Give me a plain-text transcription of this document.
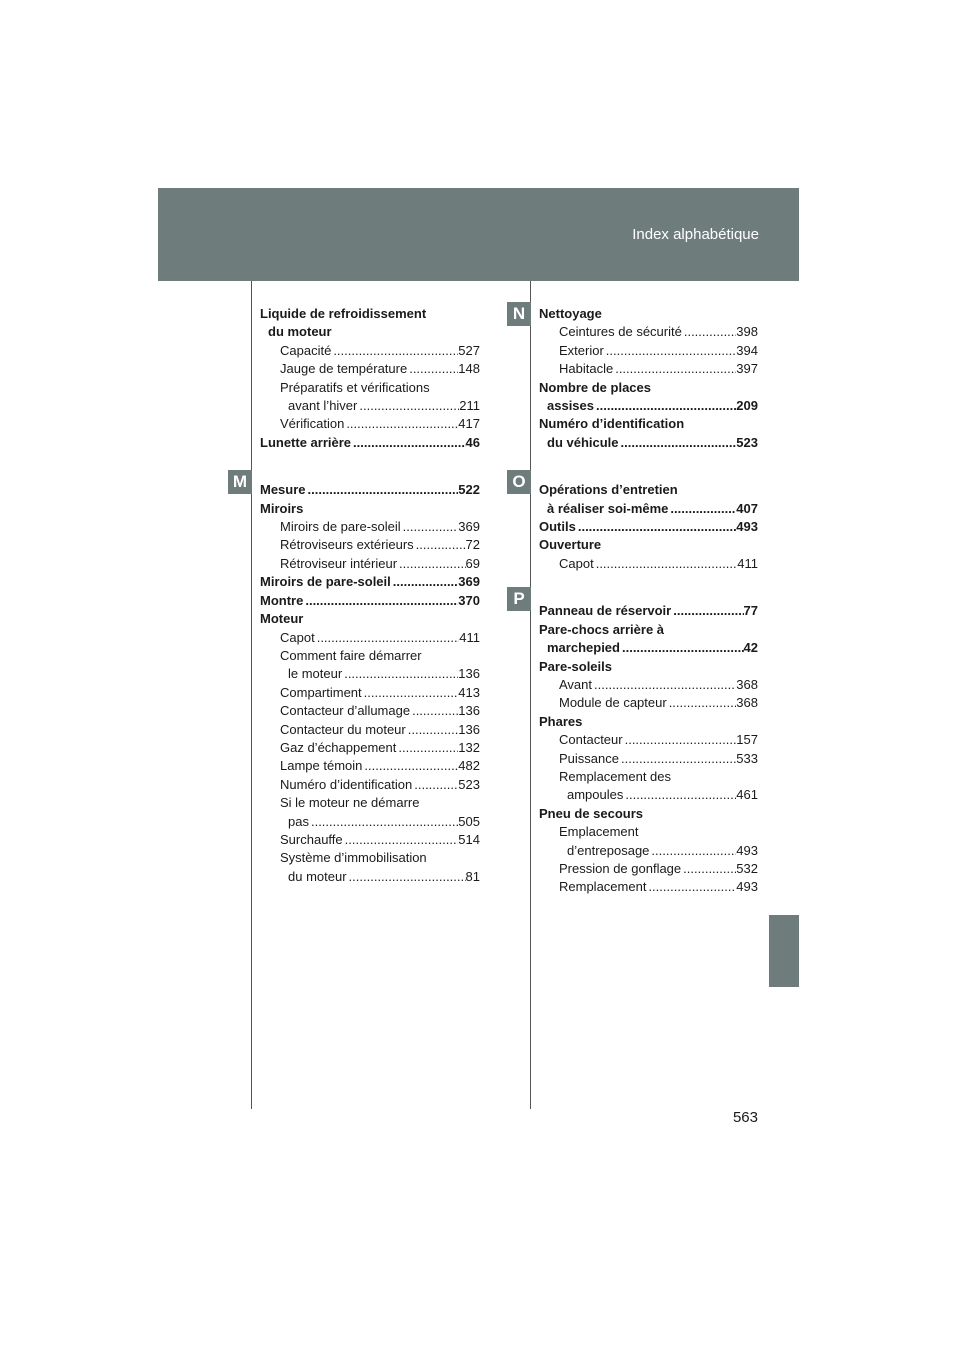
Index alphabétique
M
N
O
P
Liquide de refroidissement
du moteur
Capacité .....	527
Jauge de température .....	148
Préparatifs et vérifications
avant l’hiver .....	211
Vérification .....	417
Lunette arrière .....	46
Mesure .....	522
Miroirs
Miroirs de pare-soleil .....	369
Rétroviseurs extérieurs .....	72
Rétroviseur intérieur .....	69
Miroirs de pare-soleil .....	369
Montre .....	370
Moteur
Capot .....	411
Comment faire démarrer
le moteur .....	136
Compartiment .....	413
Contacteur d’allumage .....	136
Contacteur du moteur .....	136
Gaz d’échappement .....	132
Lampe témoin .....	482
Numéro d’identification .....	523
Si le moteur ne démarre
pas .....	505
Surchauffe .....	514
Système d’immobilisation
du moteur .....	81
Nettoyage
Ceintures de sécurité .....	398
Exterior .....	394
Habitacle .....	397
Nombre de places
assises .....	209
Numéro d’identification
du véhicule .....	523
Opérations d’entretien
à réaliser soi-même .....	407
Outils .....	493
Ouverture
Capot .....	411
Panneau de réservoir .....	77
Pare-chocs arrière à
marchepied .....	42
Pare-soleils
Avant .....	368
Module de capteur .....	368
Phares
Contacteur .....	157
Puissance .....	533
Remplacement des
ampoules .....	461
Pneu de secours
Emplacement
d’entreposage .....	493
Pression de gonflage .....	532
Remplacement .....	493
563
